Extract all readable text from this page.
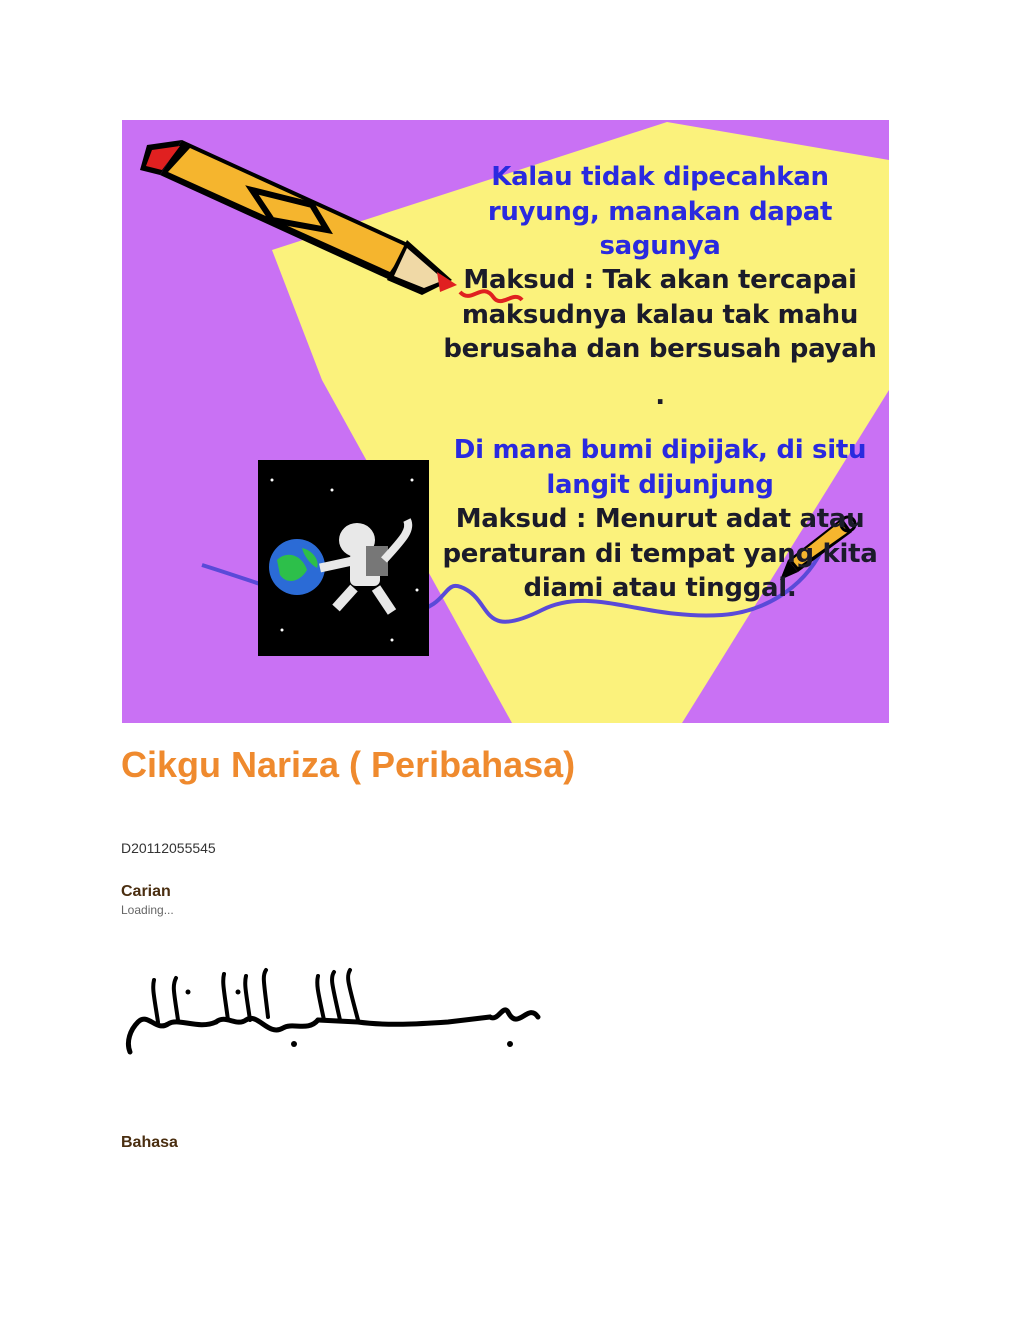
Kalau tidak dipecahkan ruyung, manakan dapat sagunya
Maksud : Tak akan tercapai maksudnya kalau tak mahu berusaha dan bersusah payah
.
Di mana bumi dipijak, di situ langit dijunjung
Maksud : Menurut adat atau peraturan di tempat yang kita diami atau tinggal.
Cikgu Nariza ( Peribahasa)
D20112055545
Carian
Loading...
Bahasa
